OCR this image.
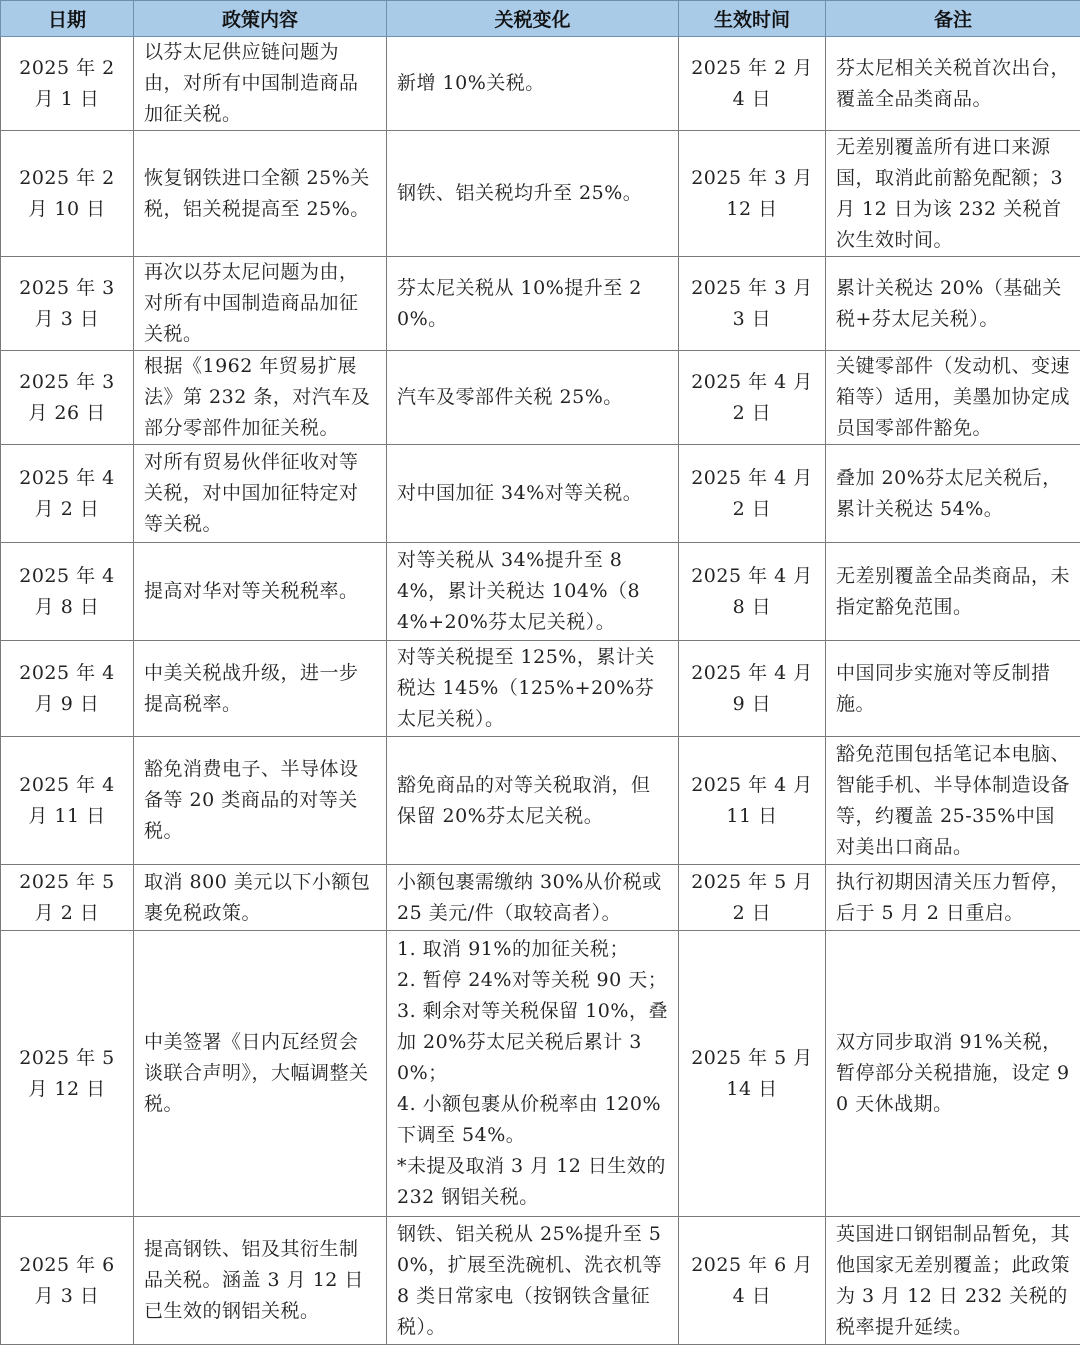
日期	政策内容	关税变化	生效时间	备注
2025 年 2 月 1 日	以芬太尼供应链问题为由，对所有中国制造商品加征关税。	新增 10%关税。	2025 年 2 月 4 日	芬太尼相关关税首次出台，覆盖全品类商品。
2025 年 2 月 10 日	恢复钢铁进口全额 25%关税，铝关税提高至 25%。	钢铁、铝关税均升至 25%。	2025 年 3 月 12 日	无差别覆盖所有进口来源国，取消此前豁免配额；3 月 12 日为该 232 关税首次生效时间。
2025 年 3 月 3 日	再次以芬太尼问题为由，对所有中国制造商品加征关税。	芬太尼关税从 10%提升至 20%。	2025 年 3 月 3 日	累计关税达 20%（基础关税+芬太尼关税）。
2025 年 3 月 26 日	根据《1962 年贸易扩展法》第 232 条，对汽车及部分零部件加征关税。	汽车及零部件关税 25%。	2025 年 4 月 2 日	关键零部件（发动机、变速箱等）适用，美墨加协定成员国零部件豁免。
2025 年 4 月 2 日	对所有贸易伙伴征收对等关税，对中国加征特定对等关税。	对中国加征 34%对等关税。	2025 年 4 月 2 日	叠加 20%芬太尼关税后，累计关税达 54%。
2025 年 4 月 8 日	提高对华对等关税税率。	对等关税从 34%提升至 84%，累计关税达 104%（84%+20%芬太尼关税）。	2025 年 4 月 8 日	无差别覆盖全品类商品，未指定豁免范围。
2025 年 4 月 9 日	中美关税战升级，进一步提高税率。	对等关税提至 125%，累计关税达 145%（125%+20%芬太尼关税）。	2025 年 4 月 9 日	中国同步实施对等反制措施。
2025 年 4 月 11 日	豁免消费电子、半导体设备等 20 类商品的对等关税。	豁免商品的对等关税取消，但保留 20%芬太尼关税。	2025 年 4 月 11 日	豁免范围包括笔记本电脑、智能手机、半导体制造设备等，约覆盖 25-35%中国对美出口商品。
2025 年 5 月 2 日	取消 800 美元以下小额包裹免税政策。	小额包裹需缴纳 30%从价税或 25 美元/件（取较高者）。	2025 年 5 月 2 日	执行初期因清关压力暂停，后于 5 月 2 日重启。
2025 年 5 月 12 日	中美签署《日内瓦经贸会谈联合声明》，大幅调整关税。	1. 取消 91%的加征关税；
2. 暂停 24%对等关税 90 天；
3. 剩余对等关税保留 10%，叠加 20%芬太尼关税后累计 30%；
4. 小额包裹从价税率由 120%下调至 54%。
*未提及取消 3 月 12 日生效的 232 钢铝关税。	2025 年 5 月 14 日	双方同步取消 91%关税，暂停部分关税措施，设定 90 天休战期。
2025 年 6 月 3 日	提高钢铁、铝及其衍生制品关税。涵盖 3 月 12 日已生效的钢铝关税。	钢铁、铝关税从 25%提升至 50%，扩展至洗碗机、洗衣机等 8 类日常家电（按钢铁含量征税）。	2025 年 6 月 4 日	英国进口钢铝制品暂免，其他国家无差别覆盖；此政策为 3 月 12 日 232 关税的税率提升延续。
